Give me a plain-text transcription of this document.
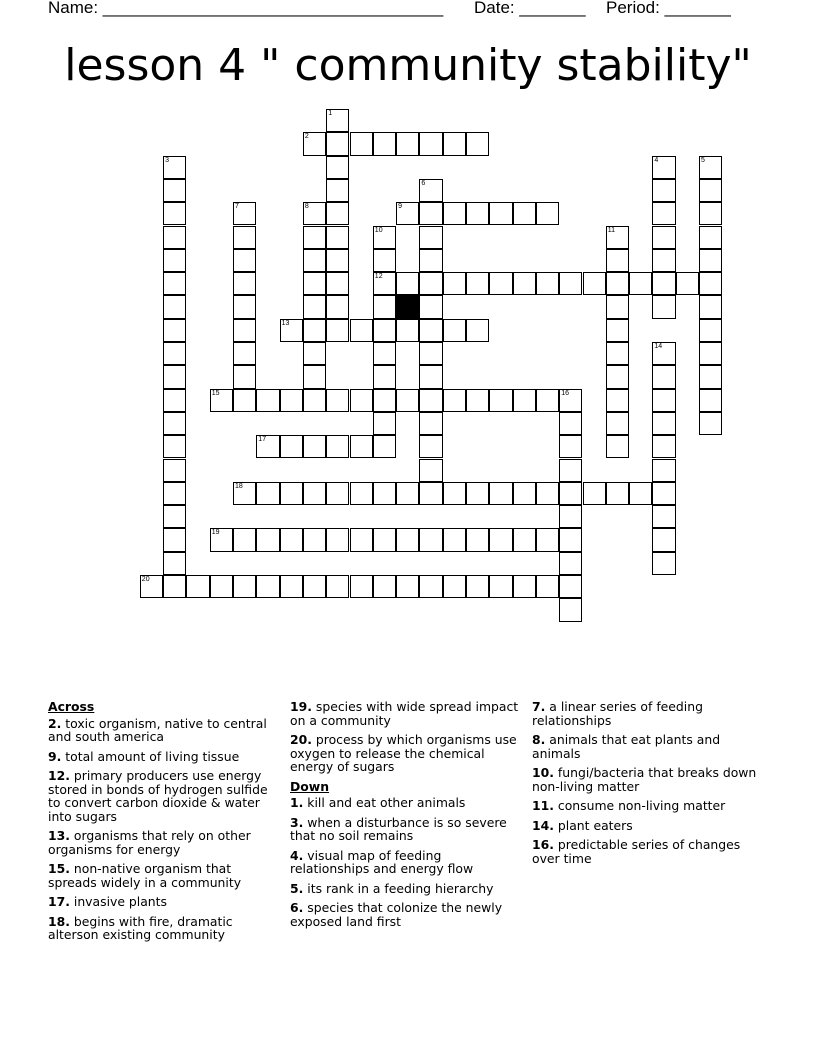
Name: ____________________________________ Date: _______ Period: _______
lesson 4 " community stability"
1
2
3	4	5
6
7	8	9
10
12
11
13
14
15	16
17
18
19
20
Across
2. toxic organism, native to central and south america
9. total amount of living tissue
12. primary producers use energy stored in bonds of hydrogen sulfide to convert carbon dioxide & water into sugars
13. organisms that rely on other organisms for energy
15. non-native organism that spreads widely in a community
17. invasive plants
18. begins with fire, dramatic alterson existing community
19. species with wide spread impact on a community
20. process by which organisms use oxygen to release the chemical energy of sugars
Down
1. kill and eat other animals
3. when a disturbance is so severe that no soil remains
4. visual map of feeding relationships and energy flow
5. its rank in a feeding hierarchy
6. species that colonize the newly exposed land first
7. a linear series of feeding relationships
8. animals that eat plants and animals
10. fungi/bacteria that breaks down non-living matter
11. consume non-living matter
14. plant eaters
16. predictable series of changes over time
